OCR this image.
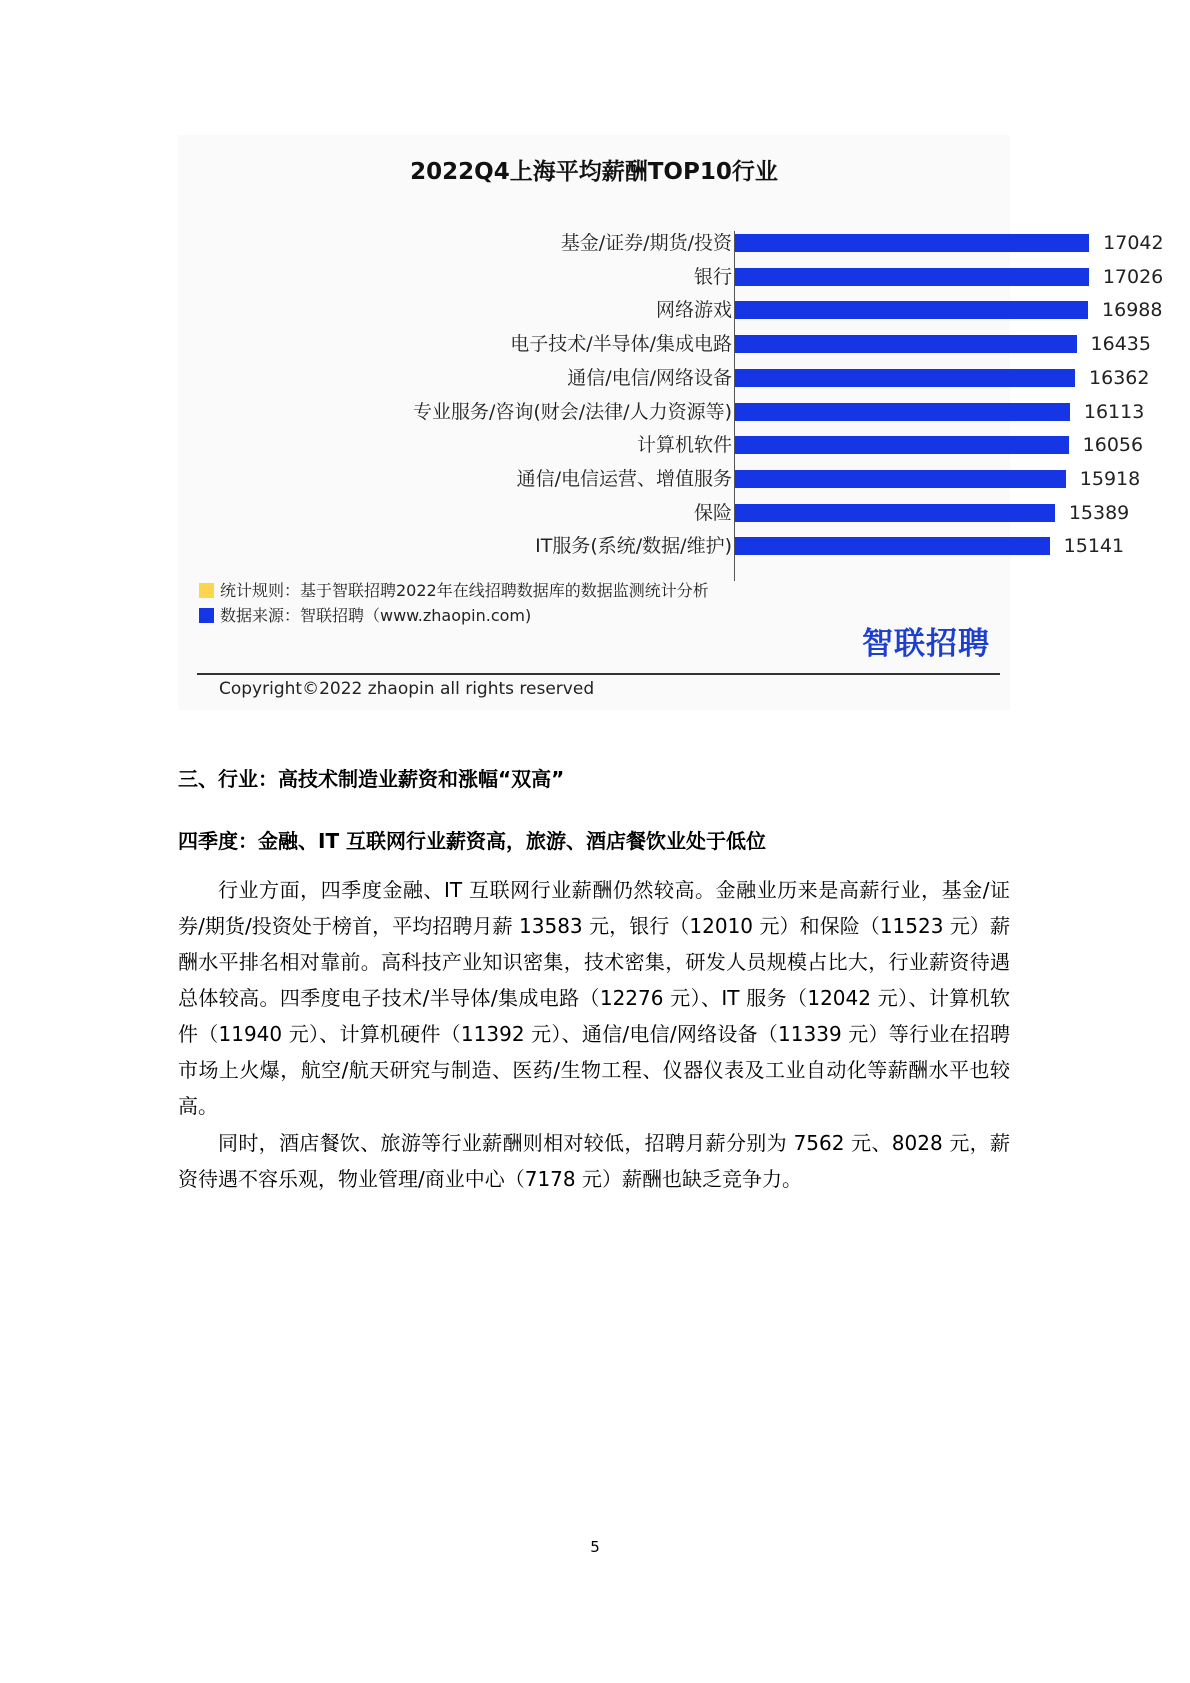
2022Q4上海平均薪酬TOP10行业
基金/证券/期货/投资	17042
银行	17026
网络游戏	16988
电子技术/半导体/集成电路	16435
通信/电信/网络设备	16362
专业服务/咨询(财会/法律/人力资源等)	16113
计算机软件	16056
通信/电信运营、增值服务	15918
保险	15389
IT服务(系统/数据/维护)	15141
统计规则：基于智联招聘2022年在线招聘数据库的数据监测统计分析
数据来源：智联招聘（www.zhaopin.com)
智联招聘
Copyright©2022 zhaopin all rights reserved
三、行业：高技术制造业薪资和涨幅“双高”
四季度：金融、IT 互联网行业薪资高，旅游、酒店餐饮业处于低位

行业方面，四季度金融、IT 互联网行业薪酬仍然较高。金融业历来是高薪行业，基金/证券/期货/投资处于榜首，平均招聘月薪 13583 元，银行（12010 元）和保险（11523 元）薪酬水平排名相对靠前。高科技产业知识密集，技术密集，研发人员规模占比大，行业薪资待遇总体较高。四季度电子技术/半导体/集成电路（12276 元）、IT 服务（12042 元）、计算机软件（11940 元）、计算机硬件（11392 元）、通信/电信/网络设备（11339 元）等行业在招聘市场上火爆，航空/航天研究与制造、医药/生物工程、仪器仪表及工业自动化等薪酬水平也较高。

同时，酒店餐饮、旅游等行业薪酬则相对较低，招聘月薪分别为 7562 元、8028 元，薪资待遇不容乐观，物业管理/商业中心（7178 元）薪酬也缺乏竞争力。

5
